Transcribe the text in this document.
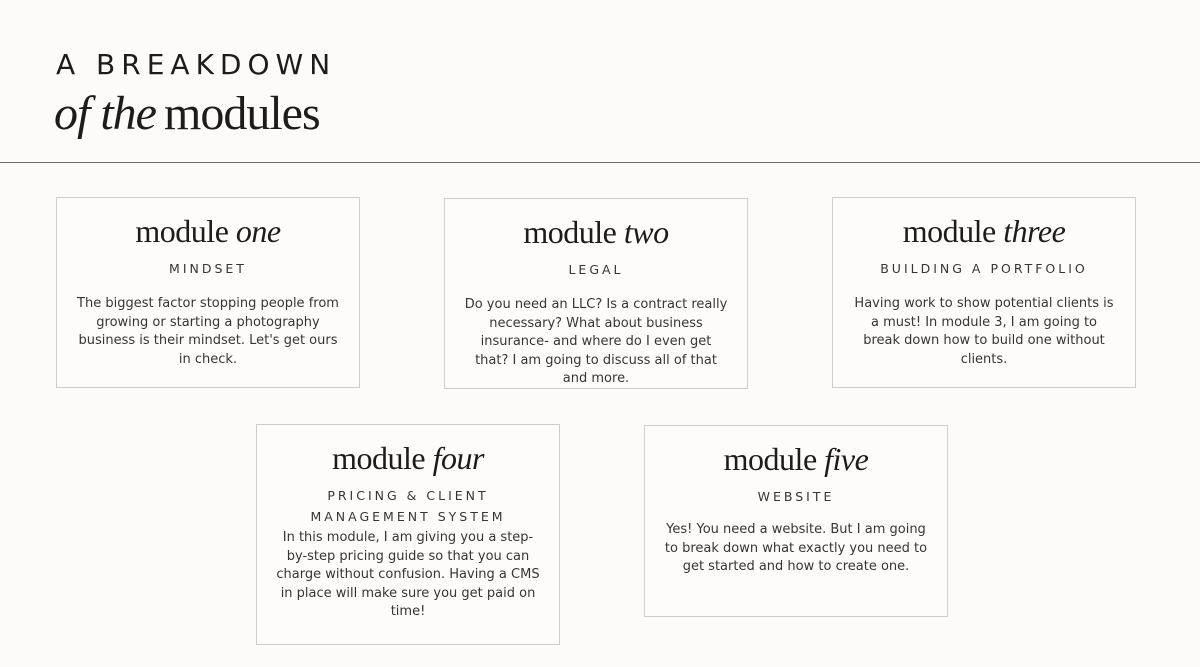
A BREAKDOWN
of the modules
module one
MINDSET
The biggest factor stopping people from growing or starting a photography business is their mindset. Let's get ours in check.
module two
LEGAL
Do you need an LLC? Is a contract really necessary? What about business insurance- and where do I even get that? I am going to discuss all of that and more.
module three
BUILDING A PORTFOLIO
Having work to show potential clients is a must! In module 3, I am going to break down how to build one without clients.
module four
PRICING & CLIENT MANAGEMENT SYSTEM
In this module, I am giving you a step-by-step pricing guide so that you can charge without confusion. Having a CMS in place will make sure you get paid on time!
module five
WEBSITE
Yes! You need a website. But I am going to break down what exactly you need to get started and how to create one.
